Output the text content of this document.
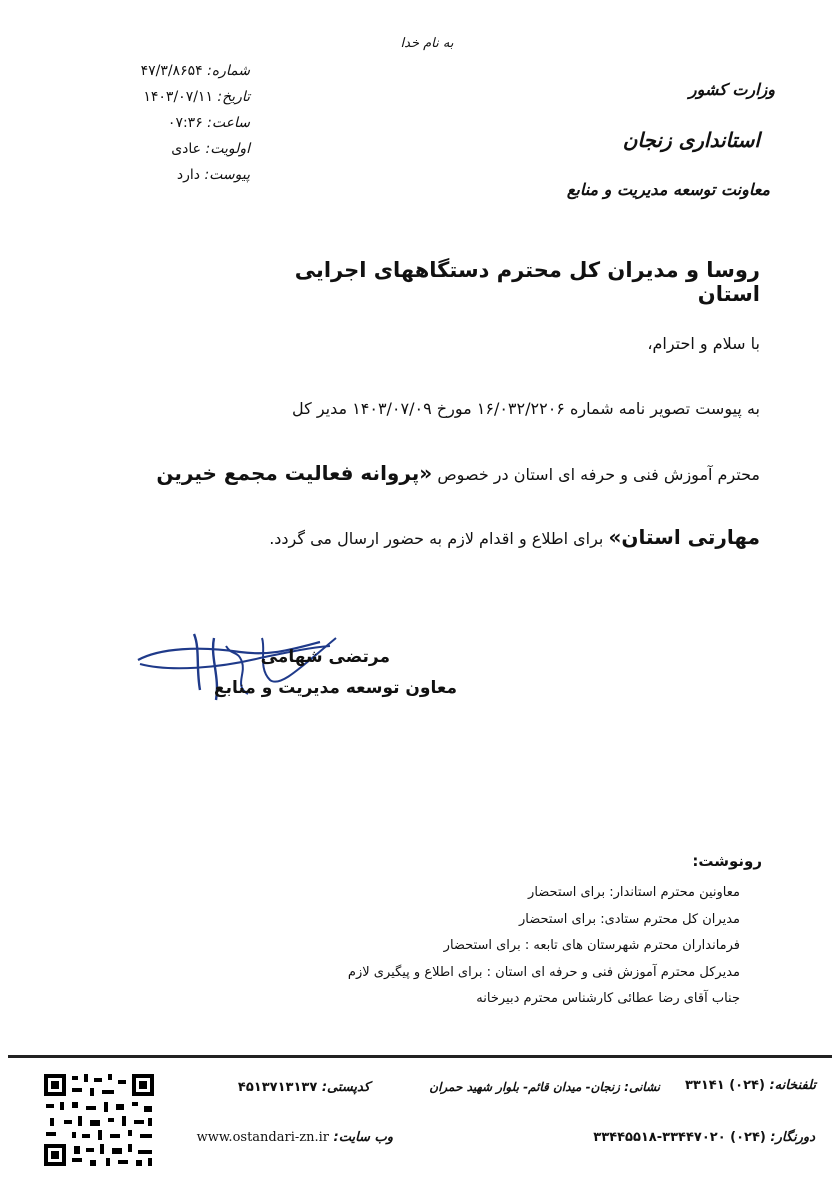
به نام خدا
وزارت کشور
استانداری زنجان
معاونت توسعه مدیریت و منابع
شماره: ۴۷/۳/۸۶۵۴
تاریخ: ۱۴۰۳/۰۷/۱۱
ساعت: ۰۷:۳۶
اولویت: عادی
پیوست: دارد
روسا و مدیران کل محترم دستگاههای اجرایی استان
با سلام و احترام،
به پیوست تصویر نامه شماره ۱۶/۰۳۲/۲۲۰۶ مورخ ۱۴۰۳/۰۷/۰۹ مدیر کل
محترم آموزش فنی و حرفه ای استان در خصوص «پروانه فعالیت مجمع خیرین
مهارتی استان» برای اطلاع و اقدام لازم به حضور ارسال می گردد.
مرتضی شهامی
معاون توسعه مدیریت و منابع
رونوشت:
معاونین محترم استاندار: برای استحضار
مدیران کل محترم ستادی: برای استحضار
فرمانداران محترم شهرستان های تابعه : برای استحضار
مدیرکل محترم آموزش فنی و حرفه ای استان : برای اطلاع و پیگیری لازم
جناب آقای رضا عطائی کارشناس محترم دبیرخانه
تلفنخانه: (۰۲۴) ۳۳۱۴۱
نشانی: زنجان- میدان قائم- بلوار شهید حمران
کدپستی: ۴۵۱۳۷۱۳۱۳۷
دورنگار: (۰۲۴) ۳۳۴۴۷۰۲۰-۳۳۴۴۵۵۱۸
وب سایت: www.ostandari-zn.ir
